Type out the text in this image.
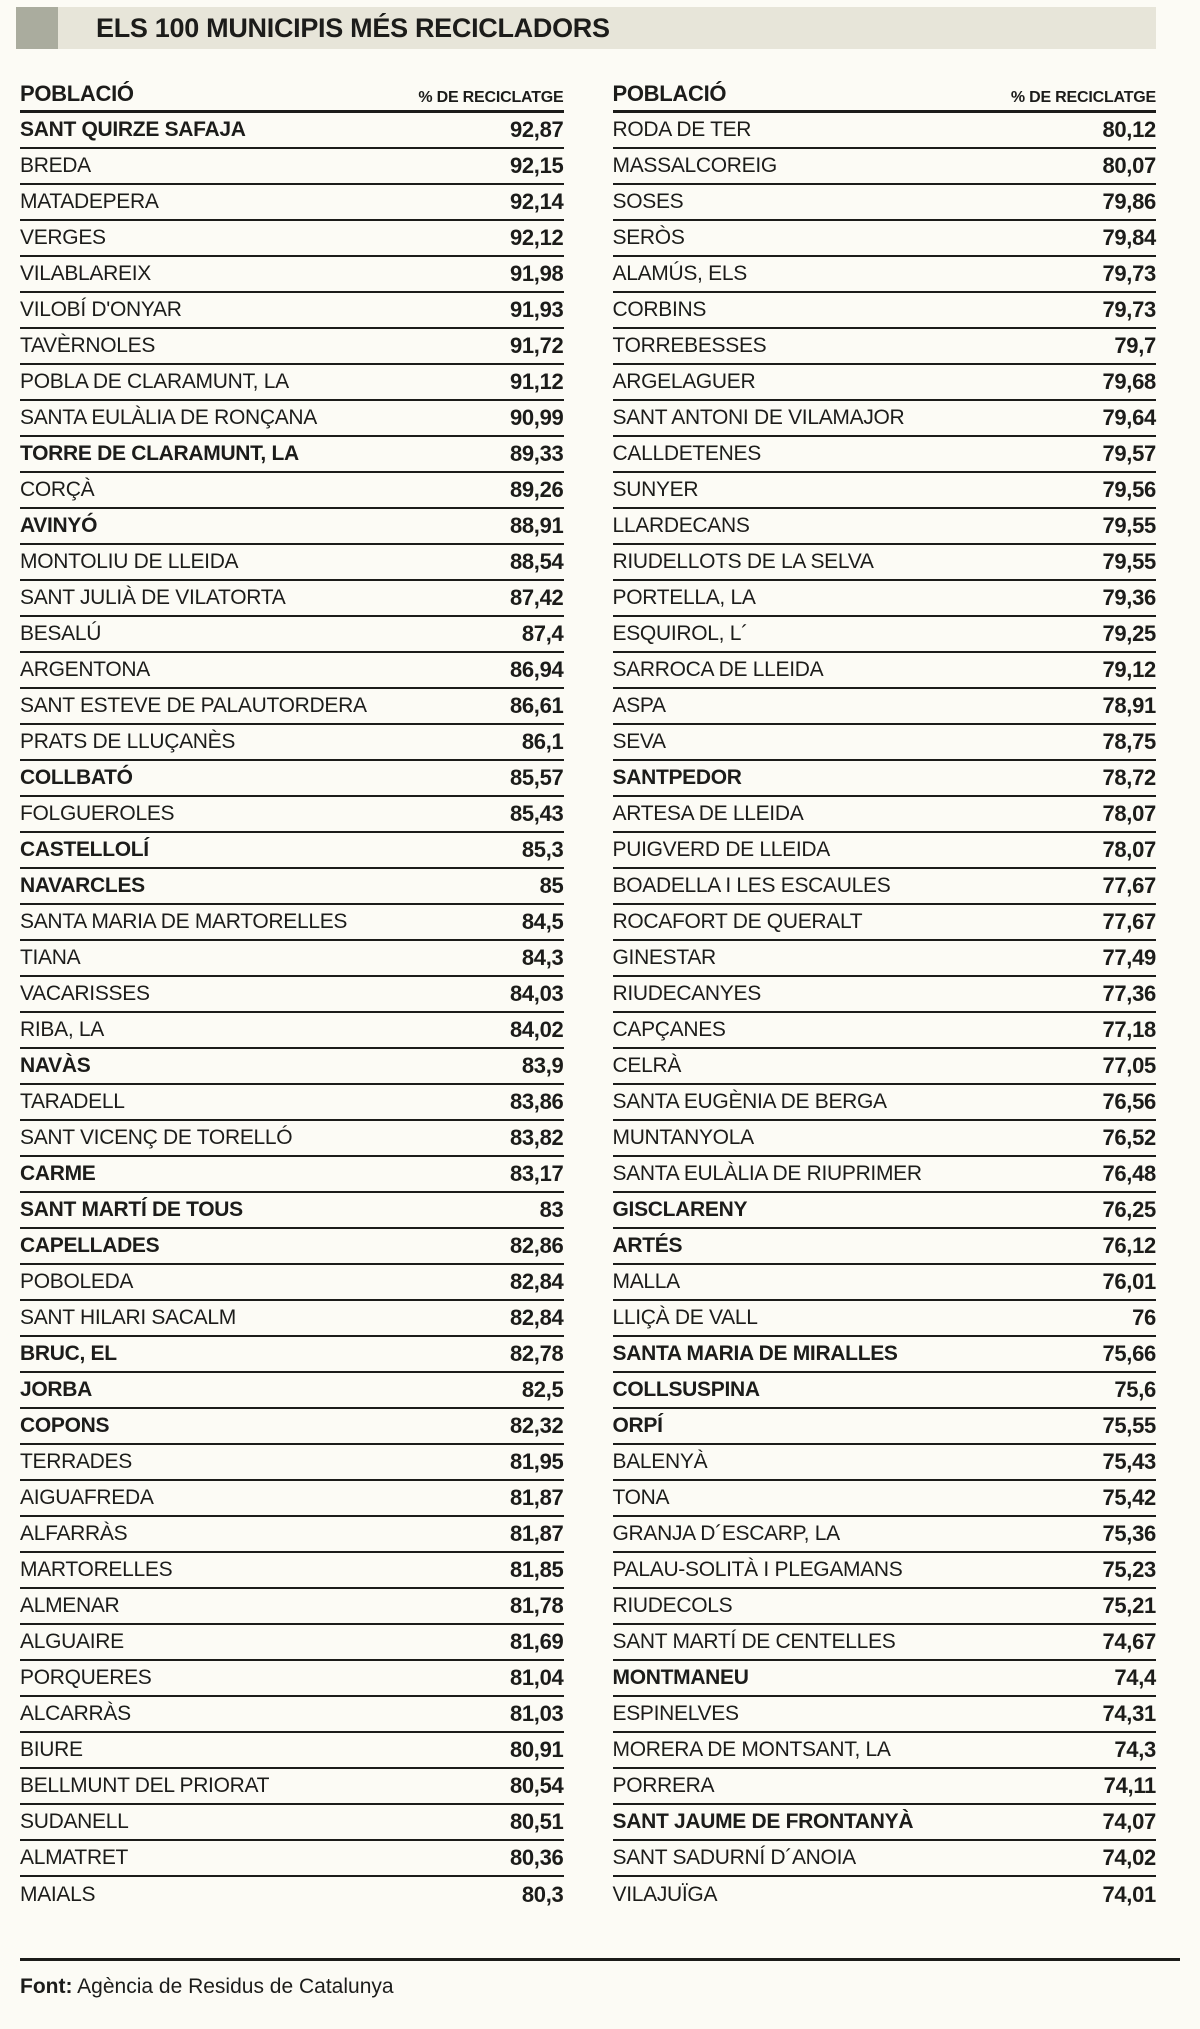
ELS 100 MUNICIPIS MÉS RECICLADORS
POBLACIÓ	% DE RECICLATGE
SANT QUIRZE SAFAJA	92,87
BREDA	92,15
MATADEPERA	92,14
VERGES	92,12
VILABLAREIX	91,98
VILOBÍ D'ONYAR	91,93
TAVÈRNOLES	91,72
POBLA DE CLARAMUNT, LA	91,12
SANTA EULÀLIA DE RONÇANA	90,99
TORRE DE CLARAMUNT, LA	89,33
CORÇÀ	89,26
AVINYÓ	88,91
MONTOLIU DE LLEIDA	88,54
SANT JULIÀ DE VILATORTA	87,42
BESALÚ	87,4
ARGENTONA	86,94
SANT ESTEVE DE PALAUTORDERA	86,61
PRATS DE LLUÇANÈS	86,1
COLLBATÓ	85,57
FOLGUEROLES	85,43
CASTELLOLÍ	85,3
NAVARCLES	85
SANTA MARIA DE MARTORELLES	84,5
TIANA	84,3
VACARISSES	84,03
RIBA, LA	84,02
NAVÀS	83,9
TARADELL	83,86
SANT VICENÇ DE TORELLÓ	83,82
CARME	83,17
SANT MARTÍ DE TOUS	83
CAPELLADES	82,86
POBOLEDA	82,84
SANT HILARI SACALM	82,84
BRUC, EL	82,78
JORBA	82,5
COPONS	82,32
TERRADES	81,95
AIGUAFREDA	81,87
ALFARRÀS	81,87
MARTORELLES	81,85
ALMENAR	81,78
ALGUAIRE	81,69
PORQUERES	81,04
ALCARRÀS	81,03
BIURE	80,91
BELLMUNT DEL PRIORAT	80,54
SUDANELL	80,51
ALMATRET	80,36
MAIALS	80,3
POBLACIÓ	% DE RECICLATGE
RODA DE TER	80,12
MASSALCOREIG	80,07
SOSES	79,86
SERÒS	79,84
ALAMÚS, ELS	79,73
CORBINS	79,73
TORREBESSES	79,7
ARGELAGUER	79,68
SANT ANTONI DE VILAMAJOR	79,64
CALLDETENES	79,57
SUNYER	79,56
LLARDECANS	79,55
RIUDELLOTS DE LA SELVA	79,55
PORTELLA, LA	79,36
ESQUIROL, L´	79,25
SARROCA DE LLEIDA	79,12
ASPA	78,91
SEVA	78,75
SANTPEDOR	78,72
ARTESA DE LLEIDA	78,07
PUIGVERD DE LLEIDA	78,07
BOADELLA I LES ESCAULES	77,67
ROCAFORT DE QUERALT	77,67
GINESTAR	77,49
RIUDECANYES	77,36
CAPÇANES	77,18
CELRÀ	77,05
SANTA EUGÈNIA DE BERGA	76,56
MUNTANYOLA	76,52
SANTA EULÀLIA DE RIUPRIMER	76,48
GISCLARENY	76,25
ARTÉS	76,12
MALLA	76,01
LLIÇÀ DE VALL	76
SANTA MARIA DE MIRALLES	75,66
COLLSUSPINA	75,6
ORPÍ	75,55
BALENYÀ	75,43
TONA	75,42
GRANJA D´ESCARP, LA	75,36
PALAU-SOLITÀ I PLEGAMANS	75,23
RIUDECOLS	75,21
SANT MARTÍ DE CENTELLES	74,67
MONTMANEU	74,4
ESPINELVES	74,31
MORERA DE MONTSANT, LA	74,3
PORRERA	74,11
SANT JAUME DE FRONTANYÀ	74,07
SANT SADURNÍ D´ANOIA	74,02
VILAJUÏGA	74,01
Font: Agència de Residus de Catalunya
